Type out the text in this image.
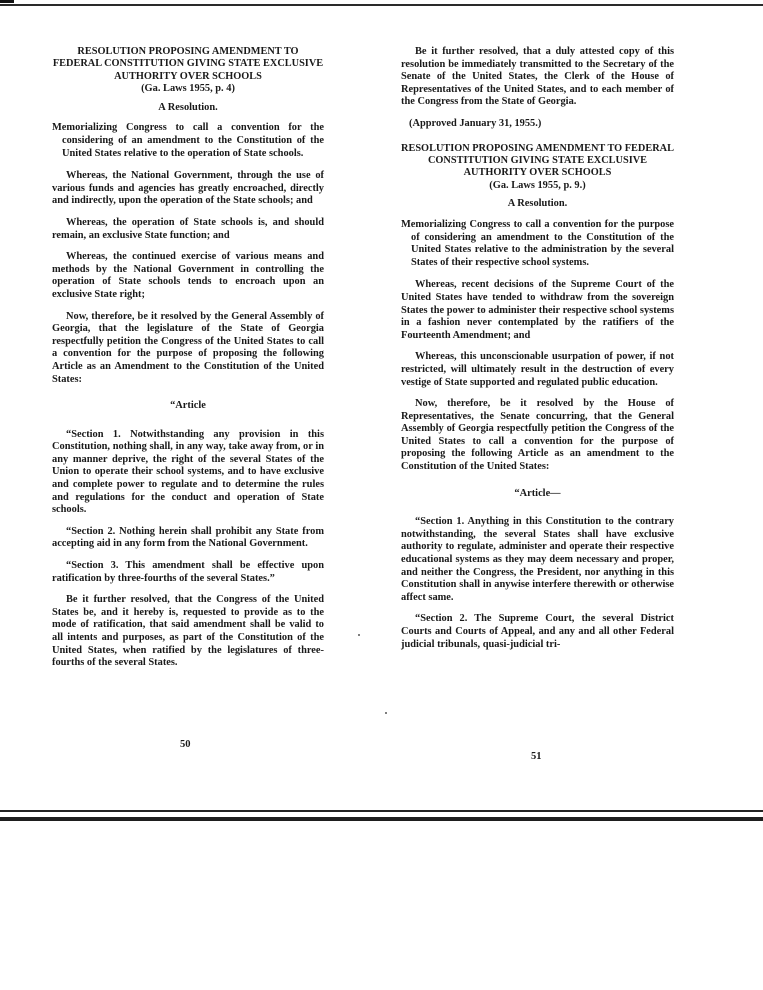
RESOLUTION PROPOSING AMENDMENT TO FEDERAL CONSTITUTION GIVING STATE EXCLUSIVE AUTHORITY OVER SCHOOLS

(Ga. Laws 1955, p. 4)

A Resolution.

Memorializing Congress to call a convention for the considering of an amendment to the Constitution of the United States relative to the operation of State schools.

Whereas, the National Government, through the use of various funds and agencies has greatly encroached, directly and indirectly, upon the operation of the State schools; and

Whereas, the operation of State schools is, and should remain, an exclusive State function; and

Whereas, the continued exercise of various means and methods by the National Government in controlling the operation of State schools tends to encroach upon an exclusive State right;

Now, therefore, be it resolved by the General Assembly of Georgia, that the legislature of the State of Georgia respectfully petition the Congress of the United States to call a convention for the purpose of proposing the following Article as an Amendment to the Constitution of the United States:

“Article

“Section 1. Notwithstanding any provision in this Constitution, nothing shall, in any way, take away from, or in any manner deprive, the right of the several States of the Union to operate their school systems, and to have exclusive and complete power to regulate and to determine the rules and regulations for the conduct and operation of State schools.

“Section 2. Nothing herein shall prohibit any State from accepting aid in any form from the National Government.

“Section 3. This amendment shall be effective upon ratification by three-fourths of the several States.”

Be it further resolved, that the Congress of the United States be, and it hereby is, requested to provide as to the mode of ratification, that said amendment shall be valid to all intents and purposes, as part of the Constitution of the United States, when ratified by the legislatures of three-fourths of the several States.

50

Be it further resolved, that a duly attested copy of this resolution be immediately transmitted to the Secretary of the Senate of the United States, the Clerk of the House of Representatives of the United States, and to each member of the Congress from the State of Georgia.

(Approved January 31, 1955.)

RESOLUTION PROPOSING AMENDMENT TO FEDERAL CONSTITUTION GIVING STATE EXCLUSIVE AUTHORITY OVER SCHOOLS

(Ga. Laws 1955, p. 9.)

A Resolution.

Memorializing Congress to call a convention for the purpose of considering an amendment to the Constitution of the United States relative to the administration by the several States of their respective school systems.

Whereas, recent decisions of the Supreme Court of the United States have tended to withdraw from the sovereign States the power to administer their respective school systems in a fashion never contemplated by the ratifiers of the Fourteenth Amendment; and

Whereas, this unconscionable usurpation of power, if not restricted, will ultimately result in the destruction of every vestige of State supported and regulated public education.

Now, therefore, be it resolved by the House of Representatives, the Senate concurring, that the General Assembly of Georgia respectfully petition the Congress of the United States to call a convention for the purpose of proposing the following Article as an amendment to the Constitution of the United States:

“Article—

“Section 1. Anything in this Constitution to the contrary notwithstanding, the several States shall have exclusive authority to regulate, administer and operate their respective educational systems as they may deem necessary and proper, and neither the Congress, the President, nor anything in this Constitution shall in anywise interfere therewith or otherwise affect same.

“Section 2. The Supreme Court, the several District Courts and Courts of Appeal, and any and all other Federal judicial tribunals, quasi-judicial tri-

51
